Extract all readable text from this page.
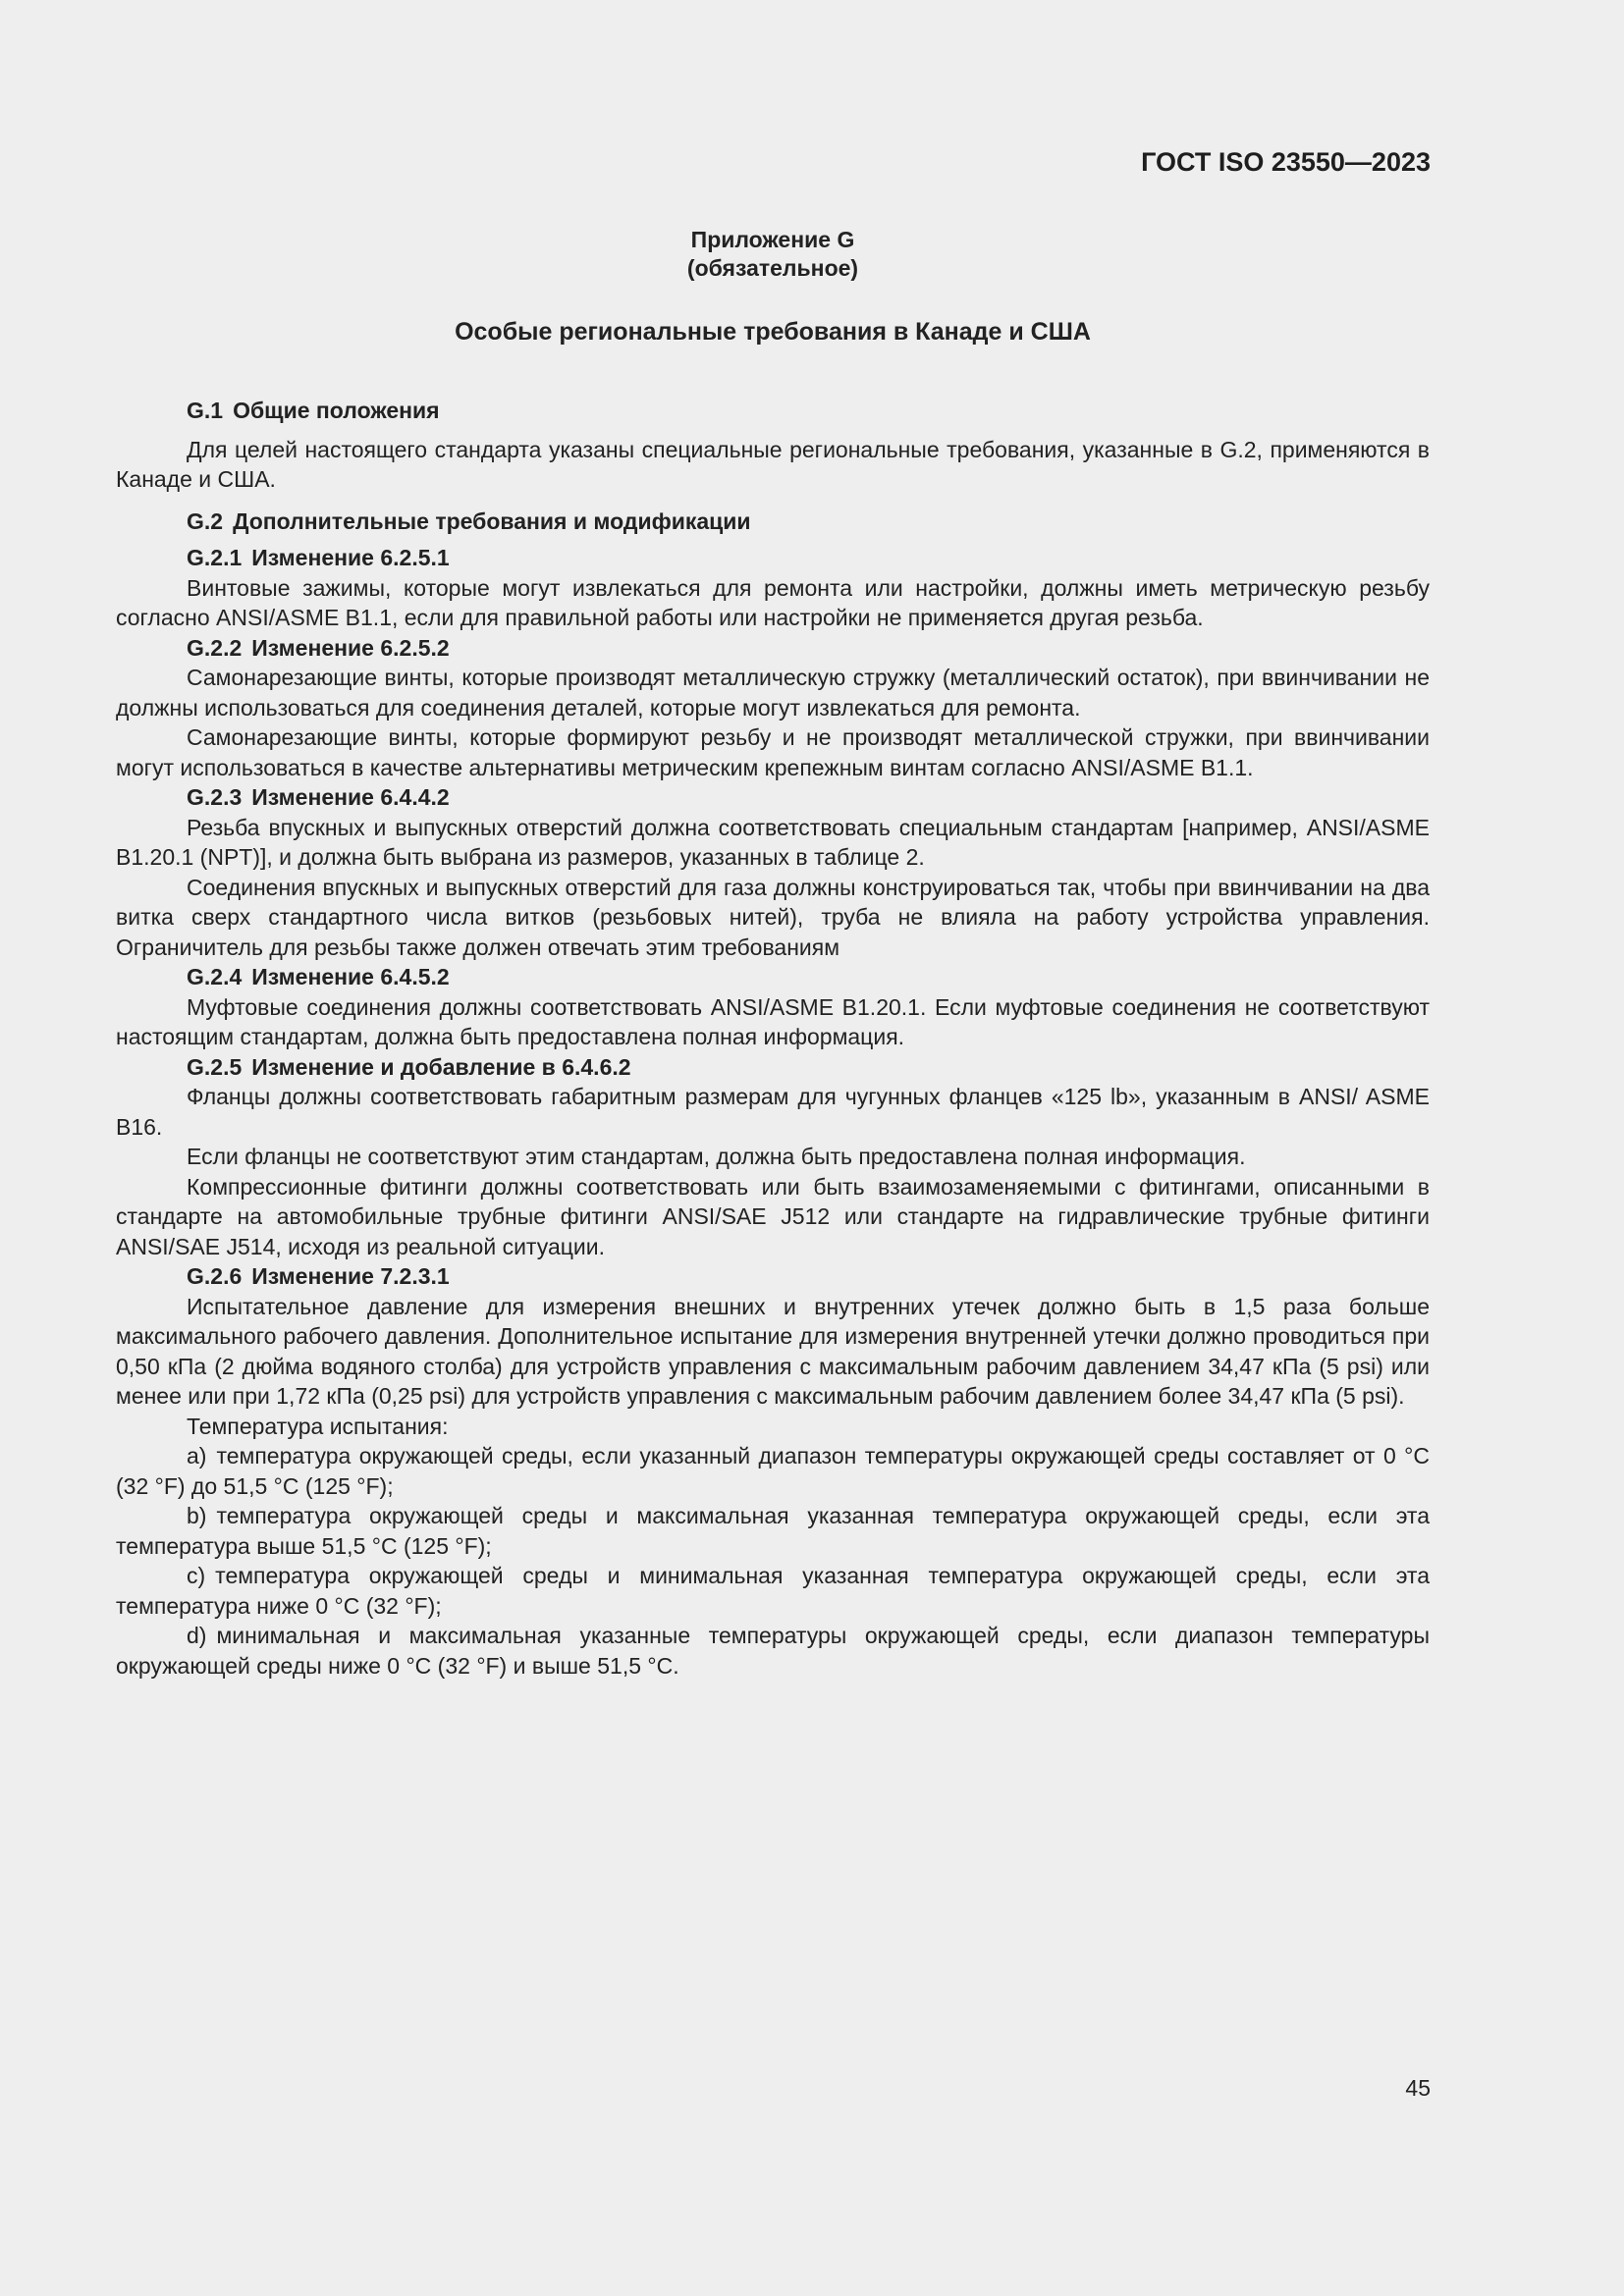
ГОСТ ISO 23550—2023
Приложение G
(обязательное)
Особые региональные требования в Канаде и США

G.1 Общие положения

Для целей настоящего стандарта указаны специальные региональные требования, указанные в G.2, применяются в Канаде и США.

G.2 Дополнительные требования и модификации

G.2.1 Изменение 6.2.5.1

Винтовые зажимы, которые могут извлекаться для ремонта или настройки, должны иметь метрическую резьбу согласно ANSI/ASME B1.1, если для правильной работы или настройки не применяется другая резьба.

G.2.2 Изменение 6.2.5.2

Самонарезающие винты, которые производят металлическую стружку (металлический остаток), при ввинчивании не должны использоваться для соединения деталей, которые могут извлекаться для ремонта.

Самонарезающие винты, которые формируют резьбу и не производят металлической стружки, при ввинчивании могут использоваться в качестве альтернативы метрическим крепежным винтам согласно ANSI/ASME B1.1.

G.2.3 Изменение 6.4.4.2

Резьба впускных и выпускных отверстий должна соответствовать специальным стандартам [например, ANSI/ASME B1.20.1 (NPT)], и должна быть выбрана из размеров, указанных в таблице 2.

Соединения впускных и выпускных отверстий для газа должны конструироваться так, чтобы при ввинчивании на два витка сверх стандартного числа витков (резьбовых нитей), труба не влияла на работу устройства управления. Ограничитель для резьбы также должен отвечать этим требованиям

G.2.4 Изменение 6.4.5.2

Муфтовые соединения должны соответствовать ANSI/ASME B1.20.1. Если муфтовые соединения не соответствуют настоящим стандартам, должна быть предоставлена полная информация.

G.2.5 Изменение и добавление в 6.4.6.2

Фланцы должны соответствовать габаритным размерам для чугунных фланцев «125 lb», указанным в ANSI/ ASME B16.

Если фланцы не соответствуют этим стандартам, должна быть предоставлена полная информация.

Компрессионные фитинги должны соответствовать или быть взаимозаменяемыми с фитингами, описанными в стандарте на автомобильные трубные фитинги ANSI/SAE J512 или стандарте на гидравлические трубные фитинги ANSI/SAE J514, исходя из реальной ситуации.

G.2.6 Изменение 7.2.3.1

Испытательное давление для измерения внешних и внутренних утечек должно быть в 1,5 раза больше максимального рабочего давления. Дополнительное испытание для измерения внутренней утечки должно проводиться при 0,50 кПа (2 дюйма водяного столба) для устройств управления с максимальным рабочим давлением 34,47 кПа (5 psi) или менее или при 1,72 кПа (0,25 psi) для устройств управления с максимальным рабочим давлением более 34,47 кПа (5 psi).

Температура испытания:

a) температура окружающей среды, если указанный диапазон температуры окружающей среды составляет от 0 °C (32 °F) до 51,5 °C (125 °F);

b) температура окружающей среды и максимальная указанная температура окружающей среды, если эта температура выше 51,5 °C (125 °F);

c) температура окружающей среды и минимальная указанная температура окружающей среды, если эта температура ниже 0 °C (32 °F);

d) минимальная и максимальная указанные температуры окружающей среды, если диапазон температуры окружающей среды ниже 0 °C (32 °F) и выше 51,5 °C.

45
